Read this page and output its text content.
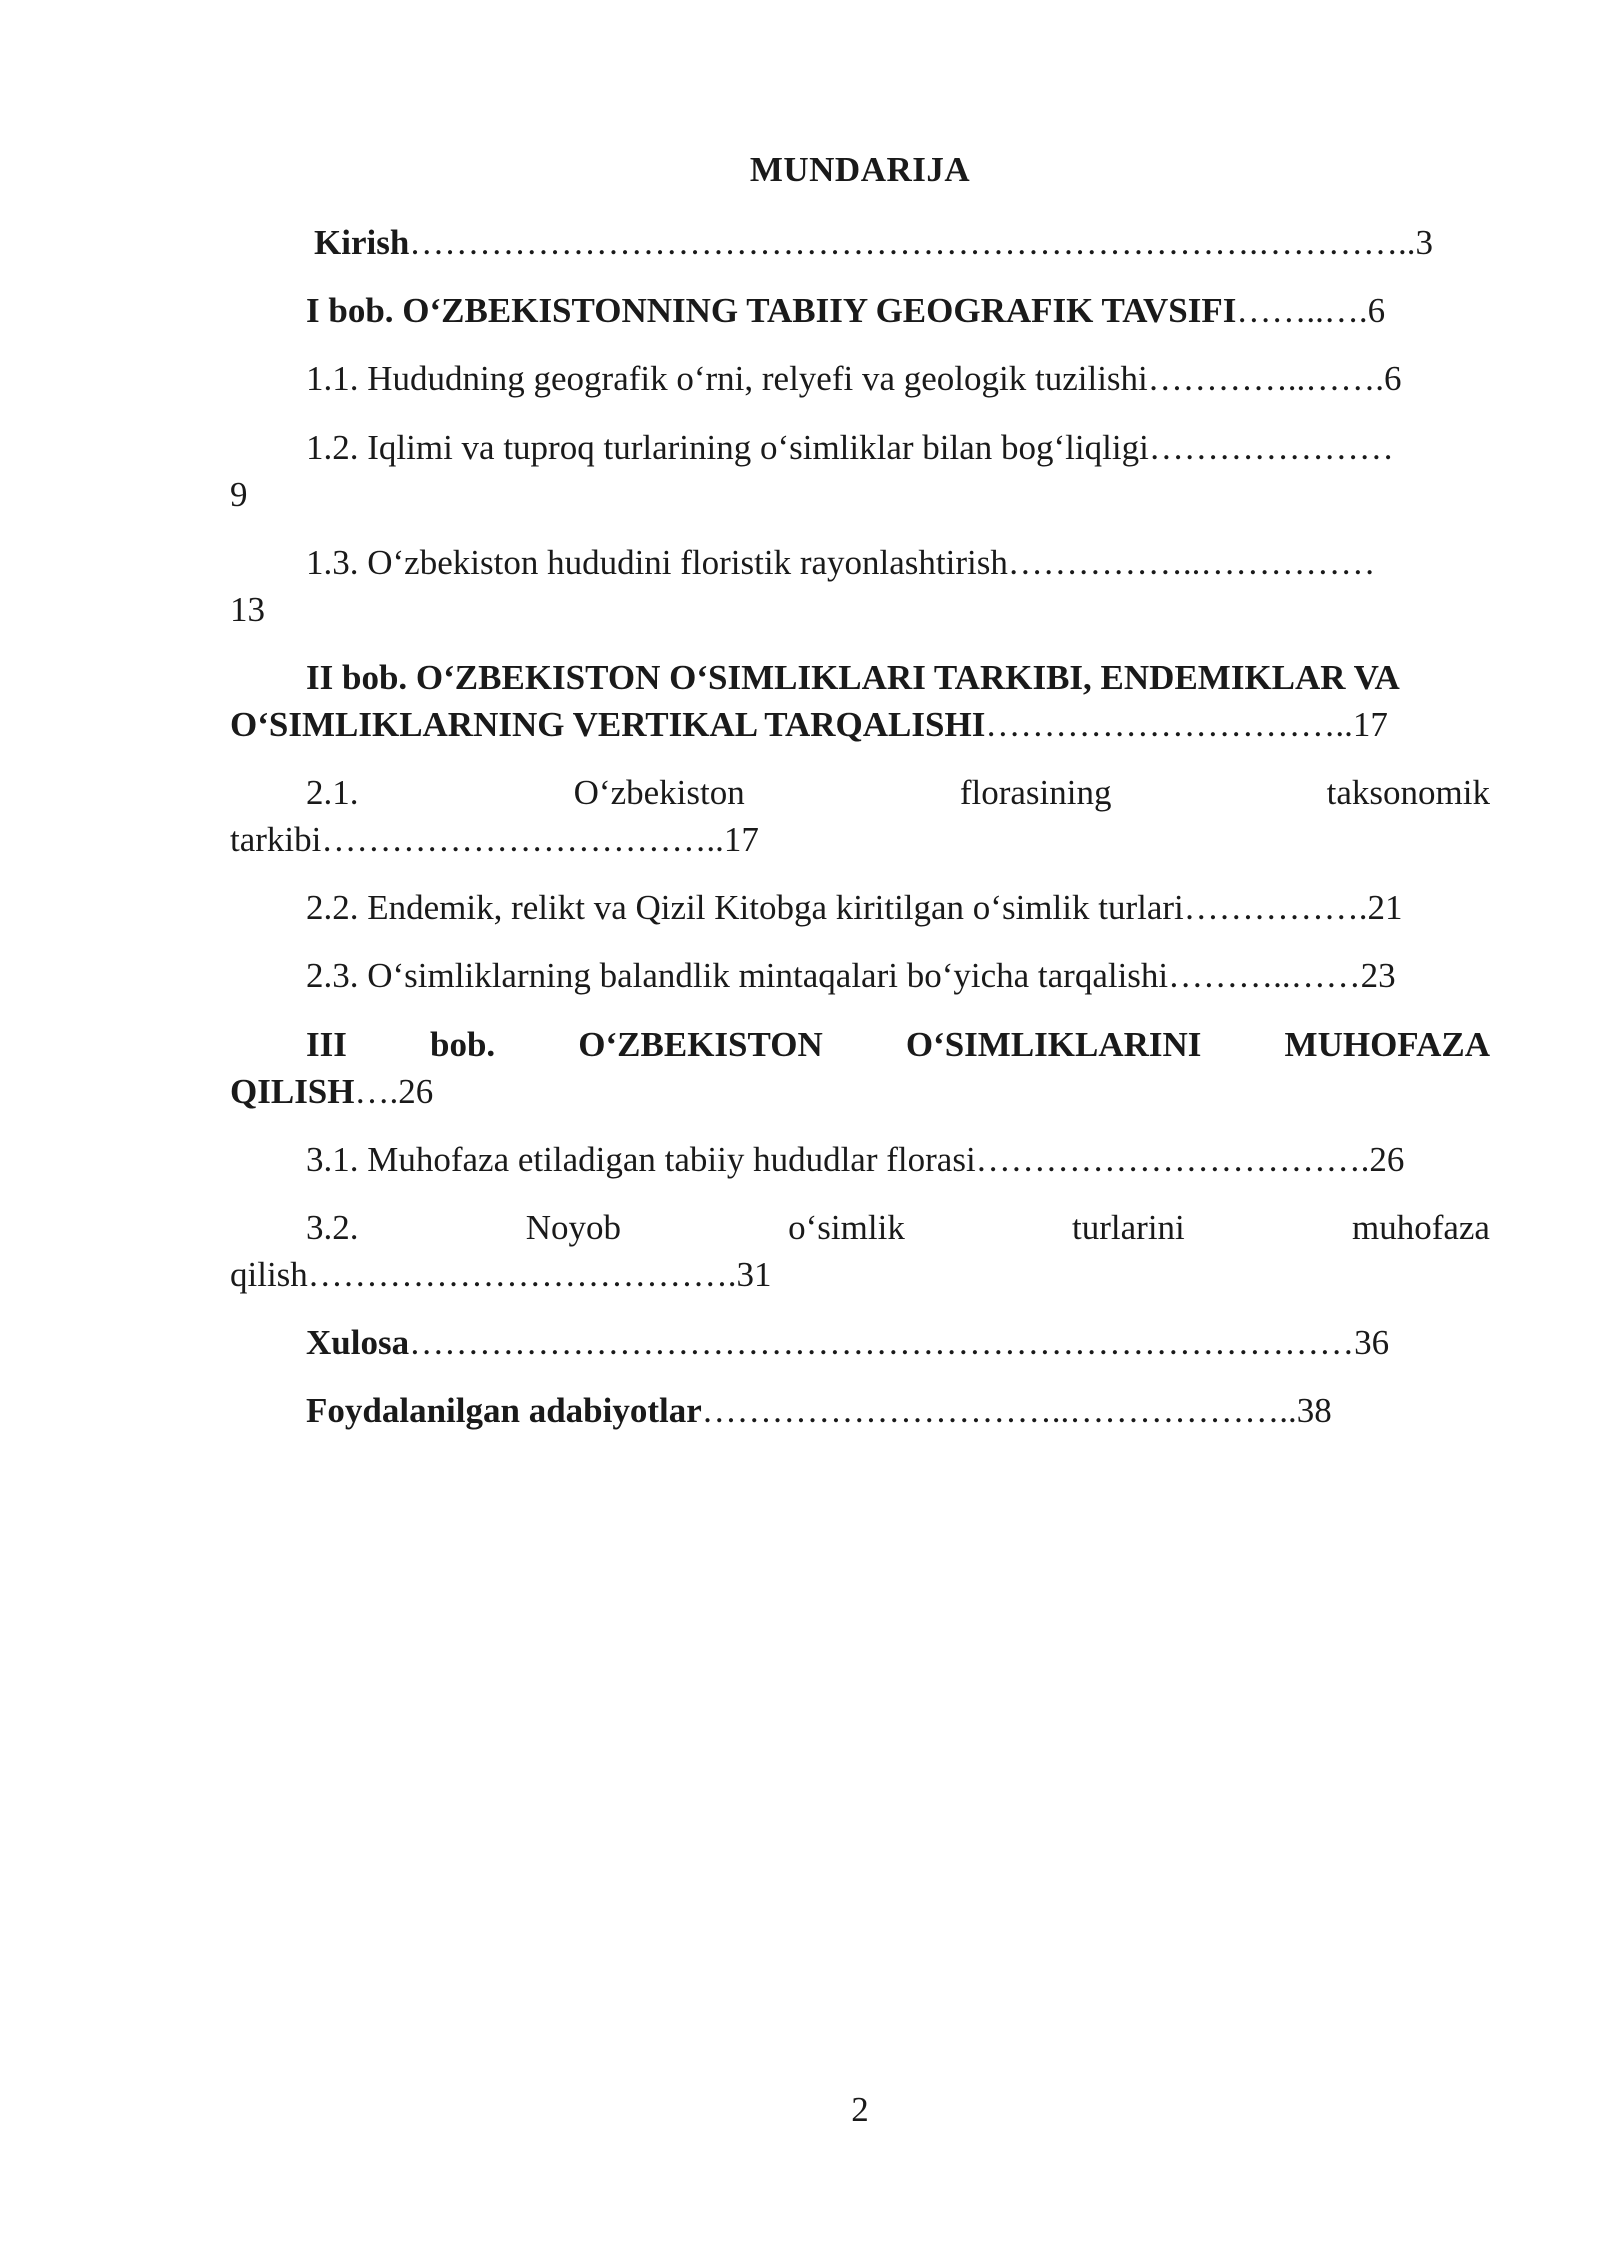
MUNDARIJA
Kirish……………………………………………………………….…………..3
I bob. O‘ZBEKISTONNING TABIIY GEOGRAFIK TAVSIFI……..….6
1.1. Hududning geografik o‘rni, relyefi va geologik tuzilishi…………..…….6
1.2. Iqlimi va tuproq turlarining o‘simliklar bilan bog‘liqligi…………………
9
1.3. O‘zbekiston hududini floristik rayonlashtirish……………..……………
13
II bob. O‘ZBEKISTON O‘SIMLIKLARI TARKIBI, ENDEMIKLAR VA
O‘SIMLIKLARNING VERTIKAL TARQALISHI…………………………..17
2.1.	O‘zbekiston	florasining	taksonomik
tarkibi……………………………..17
2.2. Endemik, relikt va Qizil Kitobga kiritilgan o‘simlik turlari…………….21
2.3. O‘simliklarning balandlik mintaqalari bo‘yicha tarqalishi………..……23
III bob. O‘ZBEKISTON O‘SIMLIKLARINI MUHOFAZA
QILISH….26
3.1. Muhofaza etiladigan tabiiy hududlar florasi…………………………….26
3.2.	Noyob	o‘simlik	turlarini	muhofaza
qilish……………………………….31
Xulosa………………………………………………………………………36
Foydalanilgan adabiyotlar…………………………..………………..38
2
